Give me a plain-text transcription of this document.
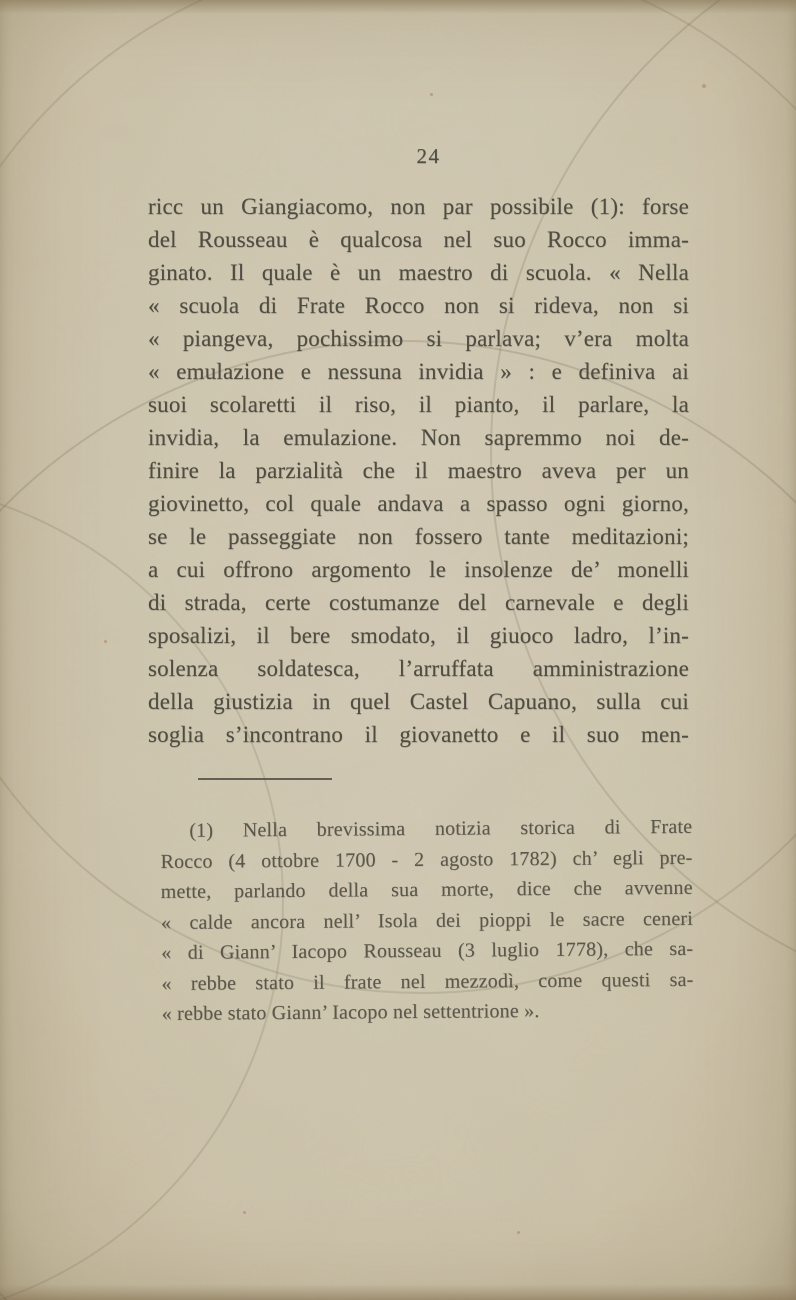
24
ricc un Giangiacomo, non par possibile (1): forse
del Rousseau è qualcosa nel suo Rocco imma-
ginato. Il quale è un maestro di scuola. « Nella
« scuola di Frate Rocco non si rideva, non si
« piangeva, pochissimo si parlava; v’era molta
« emulazione e nessuna invidia » : e definiva ai
suoi scolaretti il riso, il pianto, il parlare, la
invidia, la emulazione. Non sapremmo noi de-
finire la parzialità che il maestro aveva per un
giovinetto, col quale andava a spasso ogni giorno,
se le passeggiate non fossero tante meditazioni;
a cui offrono argomento le insolenze de’ monelli
di strada, certe costumanze del carnevale e degli
sposalizi, il bere smodato, il giuoco ladro, l’in-
solenza soldatesca, l’arruffata amministrazione
della giustizia in quel Castel Capuano, sulla cui
soglia s’incontrano il giovanetto e il suo men-
(1) Nella brevissima notizia storica di Frate
Rocco (4 ottobre 1700 - 2 agosto 1782) ch’ egli pre-
mette, parlando della sua morte, dice che avvenne
« calde ancora nell’ Isola dei pioppi le sacre ceneri
« di Giann’ Iacopo Rousseau (3 luglio 1778), che sa-
« rebbe stato il frate nel mezzodì, come questi sa-
« rebbe stato Giann’ Iacopo nel settentrione ».
